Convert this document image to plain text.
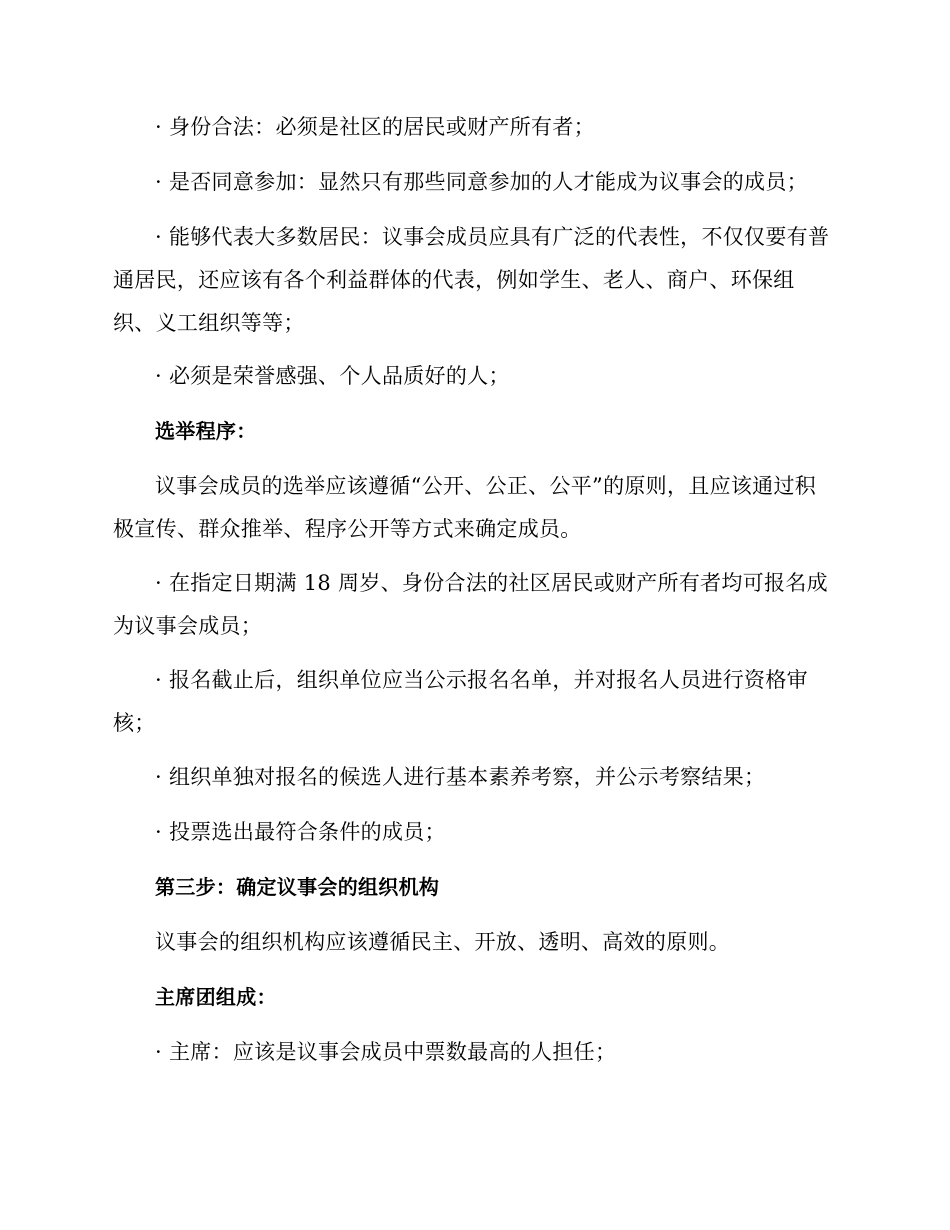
· 身份合法：必须是社区的居民或财产所有者；

· 是否同意参加：显然只有那些同意参加的人才能成为议事会的成员；

· 能够代表大多数居民：议事会成员应具有广泛的代表性，不仅仅要有普通居民，还应该有各个利益群体的代表，例如学生、老人、商户、环保组织、义工组织等等；

· 必须是荣誉感强、个人品质好的人；

选举程序：

议事会成员的选举应该遵循“公开、公正、公平”的原则，且应该通过积极宣传、群众推举、程序公开等方式来确定成员。

· 在指定日期满 18 周岁、身份合法的社区居民或财产所有者均可报名成为议事会成员；

· 报名截止后，组织单位应当公示报名名单，并对报名人员进行资格审核；

· 组织单独对报名的候选人进行基本素养考察，并公示考察结果；

· 投票选出最符合条件的成员；

第三步：确定议事会的组织机构

议事会的组织机构应该遵循民主、开放、透明、高效的原则。

主席团组成：

· 主席：应该是议事会成员中票数最高的人担任；
